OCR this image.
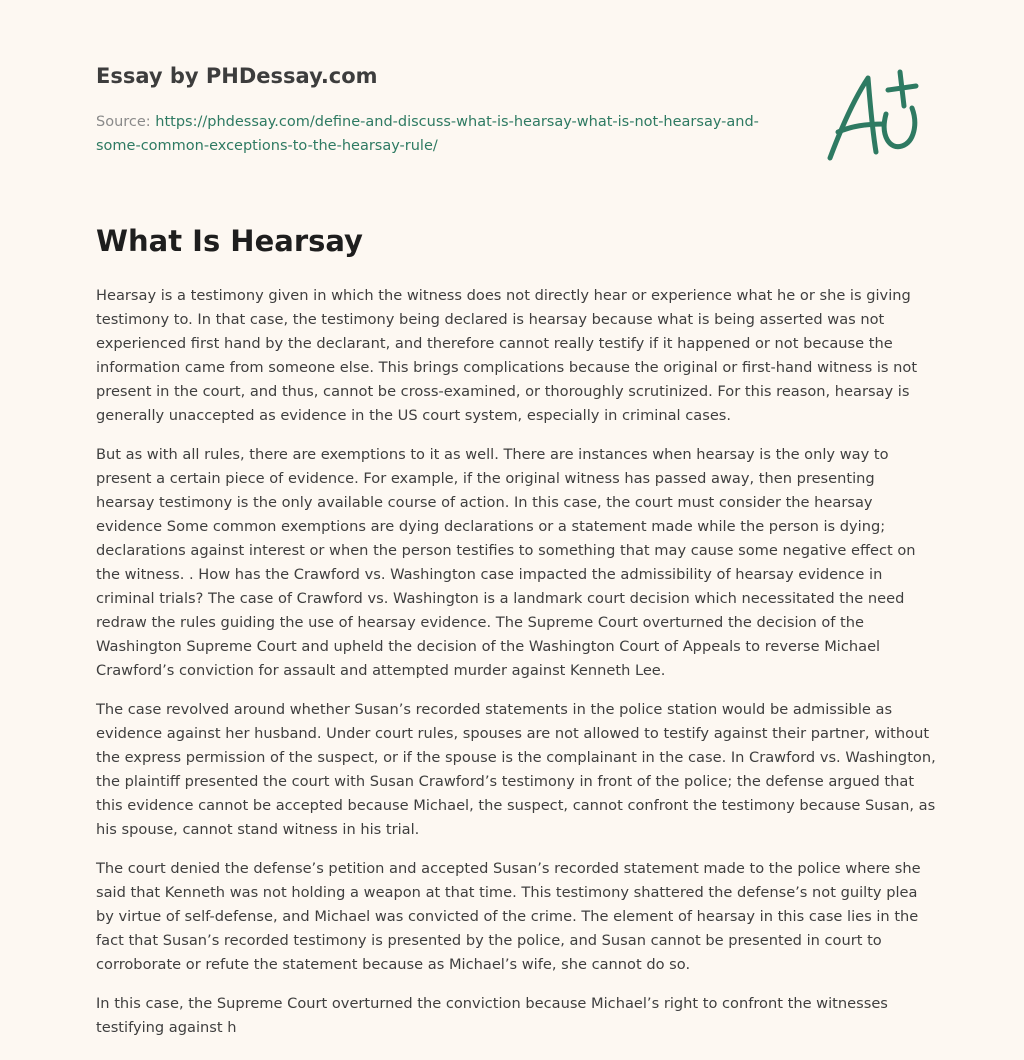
Essay by PHDessay.com
Source: https://phdessay.com/define-and-discuss-what-is-hearsay-what-is-not-hearsay-and-some-common-exceptions-to-the-hearsay-rule/
What Is Hearsay

Hearsay is a testimony given in which the witness does not directly hear or experience what he or she is giving testimony to. In that case, the testimony being declared is hearsay because what is being asserted was not experienced first hand by the declarant, and therefore cannot really testify if it happened or not because the information came from someone else. This brings complications because the original or first-hand witness is not present in the court, and thus, cannot be cross-examined, or thoroughly scrutinized. For this reason, hearsay is generally unaccepted as evidence in the US court system, especially in criminal cases.

But as with all rules, there are exemptions to it as well. There are instances when hearsay is the only way to present a certain piece of evidence. For example, if the original witness has passed away, then presenting hearsay testimony is the only available course of action. In this case, the court must consider the hearsay evidence Some common exemptions are dying declarations or a statement made while the person is dying; declarations against interest or when the person testifies to something that may cause some negative effect on the witness. . How has the Crawford vs. Washington case impacted the admissibility of hearsay evidence in criminal trials? The case of Crawford vs. Washington is a landmark court decision which necessitated the need redraw the rules guiding the use of hearsay evidence. The Supreme Court overturned the decision of the Washington Supreme Court and upheld the decision of the Washington Court of Appeals to reverse Michael Crawford’s conviction for assault and attempted murder against Kenneth Lee.

The case revolved around whether Susan’s recorded statements in the police station would be admissible as evidence against her husband. Under court rules, spouses are not allowed to testify against their partner, without the express permission of the suspect, or if the spouse is the complainant in the case. In Crawford vs. Washington, the plaintiff presented the court with Susan Crawford’s testimony in front of the police; the defense argued that this evidence cannot be accepted because Michael, the suspect, cannot confront the testimony because Susan, as his spouse, cannot stand witness in his trial.

The court denied the defense’s petition and accepted Susan’s recorded statement made to the police where she said that Kenneth was not holding a weapon at that time. This testimony shattered the defense’s not guilty plea by virtue of self-defense, and Michael was convicted of the crime. The element of hearsay in this case lies in the fact that Susan’s recorded testimony is presented by the police, and Susan cannot be presented in court to corroborate or refute the statement because as Michael’s wife, she cannot do so.

In this case, the Supreme Court overturned the conviction because Michael’s right to confront the witnesses testifying against h
